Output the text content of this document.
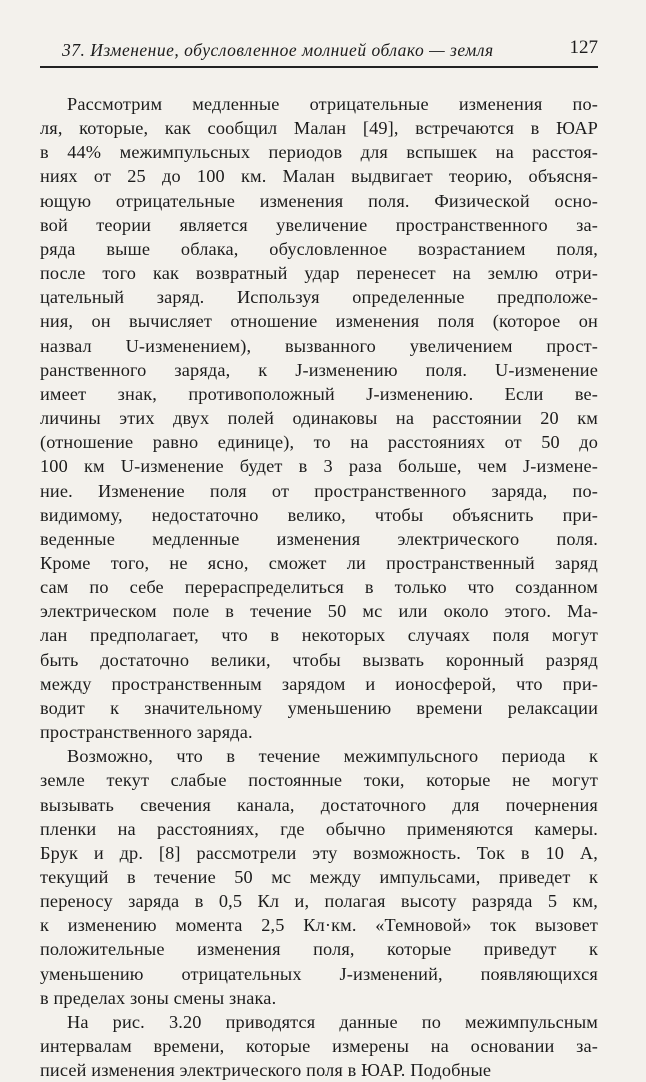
37. Изменение, обусловленное молнией облако — земля	127

Рассмотрим медленные отрицательные изменения по-
ля, которые, как сообщил Малан [49], встречаются в ЮАР
в 44% межимпульсных периодов для вспышек на расстоя-
ниях от 25 до 100 км. Малан выдвигает теорию, объясня-
ющую отрицательные изменения поля. Физической осно-
вой теории является увеличение пространственного за-
ряда выше облака, обусловленное возрастанием поля,
после того как возвратный удар перенесет на землю отри-
цательный заряд. Используя определенные предположе-
ния, он вычисляет отношение изменения поля (которое он
назвал U-изменением), вызванного увеличением прост-
ранственного заряда, к J-изменению поля. U-изменение
имеет знак, противоположный J-изменению. Если ве-
личины этих двух полей одинаковы на расстоянии 20 км
(отношение равно единице), то на расстояниях от 50 до
100 км U-изменение будет в 3 раза больше, чем J-измене-
ние. Изменение поля от пространственного заряда, по-
видимому, недостаточно велико, чтобы объяснить при-
веденные медленные изменения электрического поля.
Кроме того, не ясно, сможет ли пространственный заряд
сам по себе перераспределиться в только что созданном
электрическом поле в течение 50 мс или около этого. Ма-
лан предполагает, что в некоторых случаях поля могут
быть достаточно велики, чтобы вызвать коронный разряд
между пространственным зарядом и ионосферой, что при-
водит к значительному уменьшению времени релаксации
пространственного заряда.

Возможно, что в течение межимпульсного периода к
земле текут слабые постоянные токи, которые не могут
вызывать свечения канала, достаточного для почернения
пленки на расстояниях, где обычно применяются камеры.
Брук и др. [8] рассмотрели эту возможность. Ток в 10 А,
текущий в течение 50 мс между импульсами, приведет к
переносу заряда в 0,5 Кл и, полагая высоту разряда 5 км,
к изменению момента 2,5 Кл·км. «Темновой» ток вызовет
положительные изменения поля, которые приведут к
уменьшению отрицательных J-изменений, появляющихся
в пределах зоны смены знака.

На рис. 3.20 приводятся данные по межимпульсным
интервалам времени, которые измерены на основании за-
писей изменения электрического поля в ЮАР. Подобные
